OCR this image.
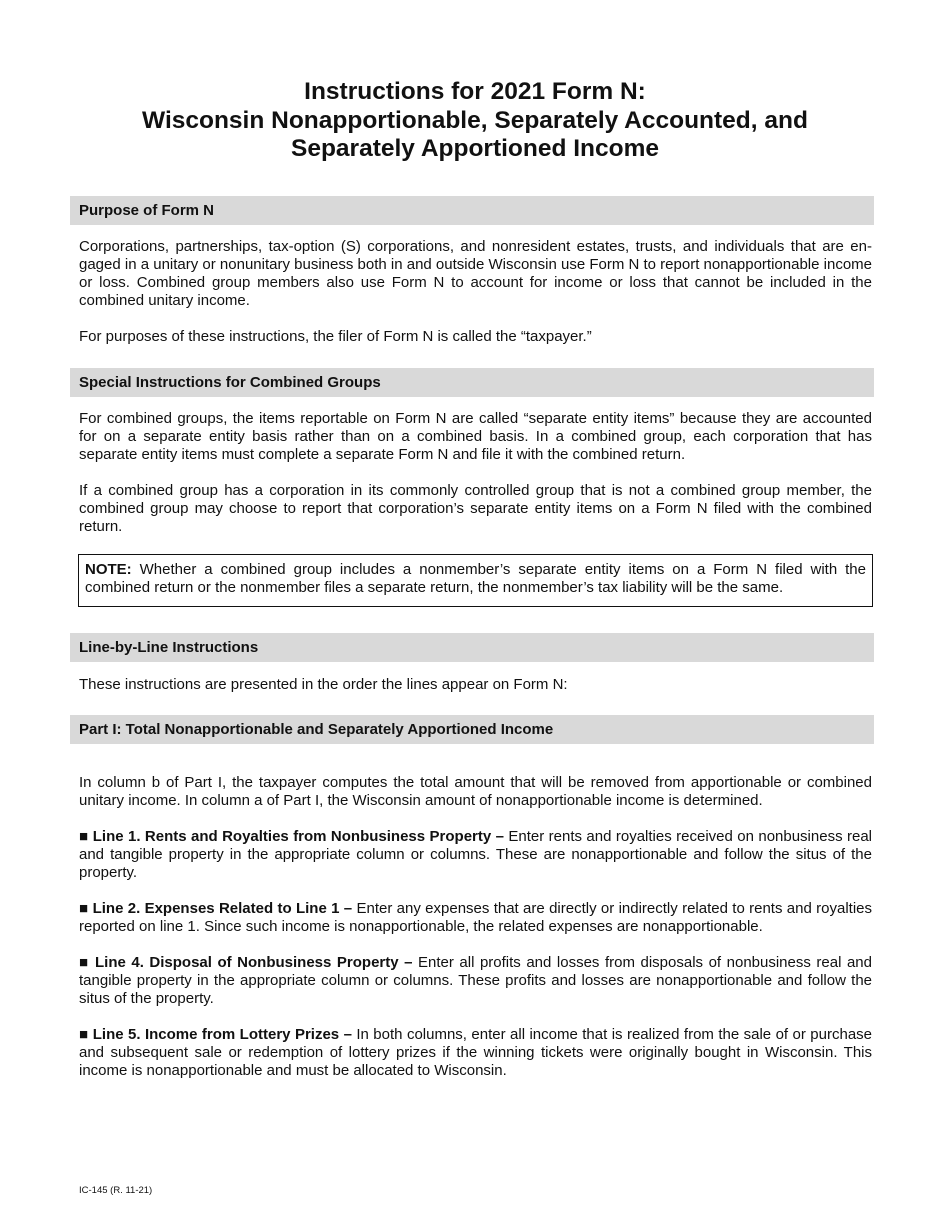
Instructions for 2021 Form N:
Wisconsin Nonapportionable, Separately Accounted, and
Separately Apportioned Income
Purpose of Form N

Corporations, partnerships, tax-option (S) corporations, and nonresident estates, trusts, and individuals that are engaged in a unitary or nonunitary business both in and outside Wisconsin use Form N to report nonapportionable income or loss. Combined group members also use Form N to account for income or loss that cannot be included in the combined unitary income.

For purposes of these instructions, the filer of Form N is called the “taxpayer.”

Special Instructions for Combined Groups

For combined groups, the items reportable on Form N are called “separate entity items” because they are accounted for on a separate entity basis rather than on a combined basis. In a combined group, each corporation that has separate entity items must complete a separate Form N and file it with the combined return.

If a combined group has a corporation in its commonly controlled group that is not a combined group member, the combined group may choose to report that corporation’s separate entity items on a Form N filed with the combined return.

NOTE: Whether a combined group includes a nonmember’s separate entity items on a Form N filed with the combined return or the nonmember files a separate return, the nonmember’s tax liability will be the same.
Line-by-Line Instructions

These instructions are presented in the order the lines appear on Form N:

Part I: Total Nonapportionable and Separately Apportioned Income

In column b of Part I, the taxpayer computes the total amount that will be removed from apportionable or combined unitary income. In column a of Part I, the Wisconsin amount of nonapportionable income is determined.

■ Line 1. Rents and Royalties from Nonbusiness Property – Enter rents and royalties received on nonbusiness real and tangible property in the appropriate column or columns. These are nonapportionable and follow the situs of the property.

■ Line 2. Expenses Related to Line 1 – Enter any expenses that are directly or indirectly related to rents and royalties reported on line 1. Since such income is nonapportionable, the related expenses are nonapportionable.

■ Line 4. Disposal of Nonbusiness Property – Enter all profits and losses from disposals of nonbusiness real and tangible property in the appropriate column or columns. These profits and losses are nonapportionable and follow the situs of the property.

■ Line 5. Income from Lottery Prizes – In both columns, enter all income that is realized from the sale of or purchase and subsequent sale or redemption of lottery prizes if the winning tickets were originally bought in Wisconsin. This income is nonapportionable and must be allocated to Wisconsin.

IC-145 (R. 11-21)
